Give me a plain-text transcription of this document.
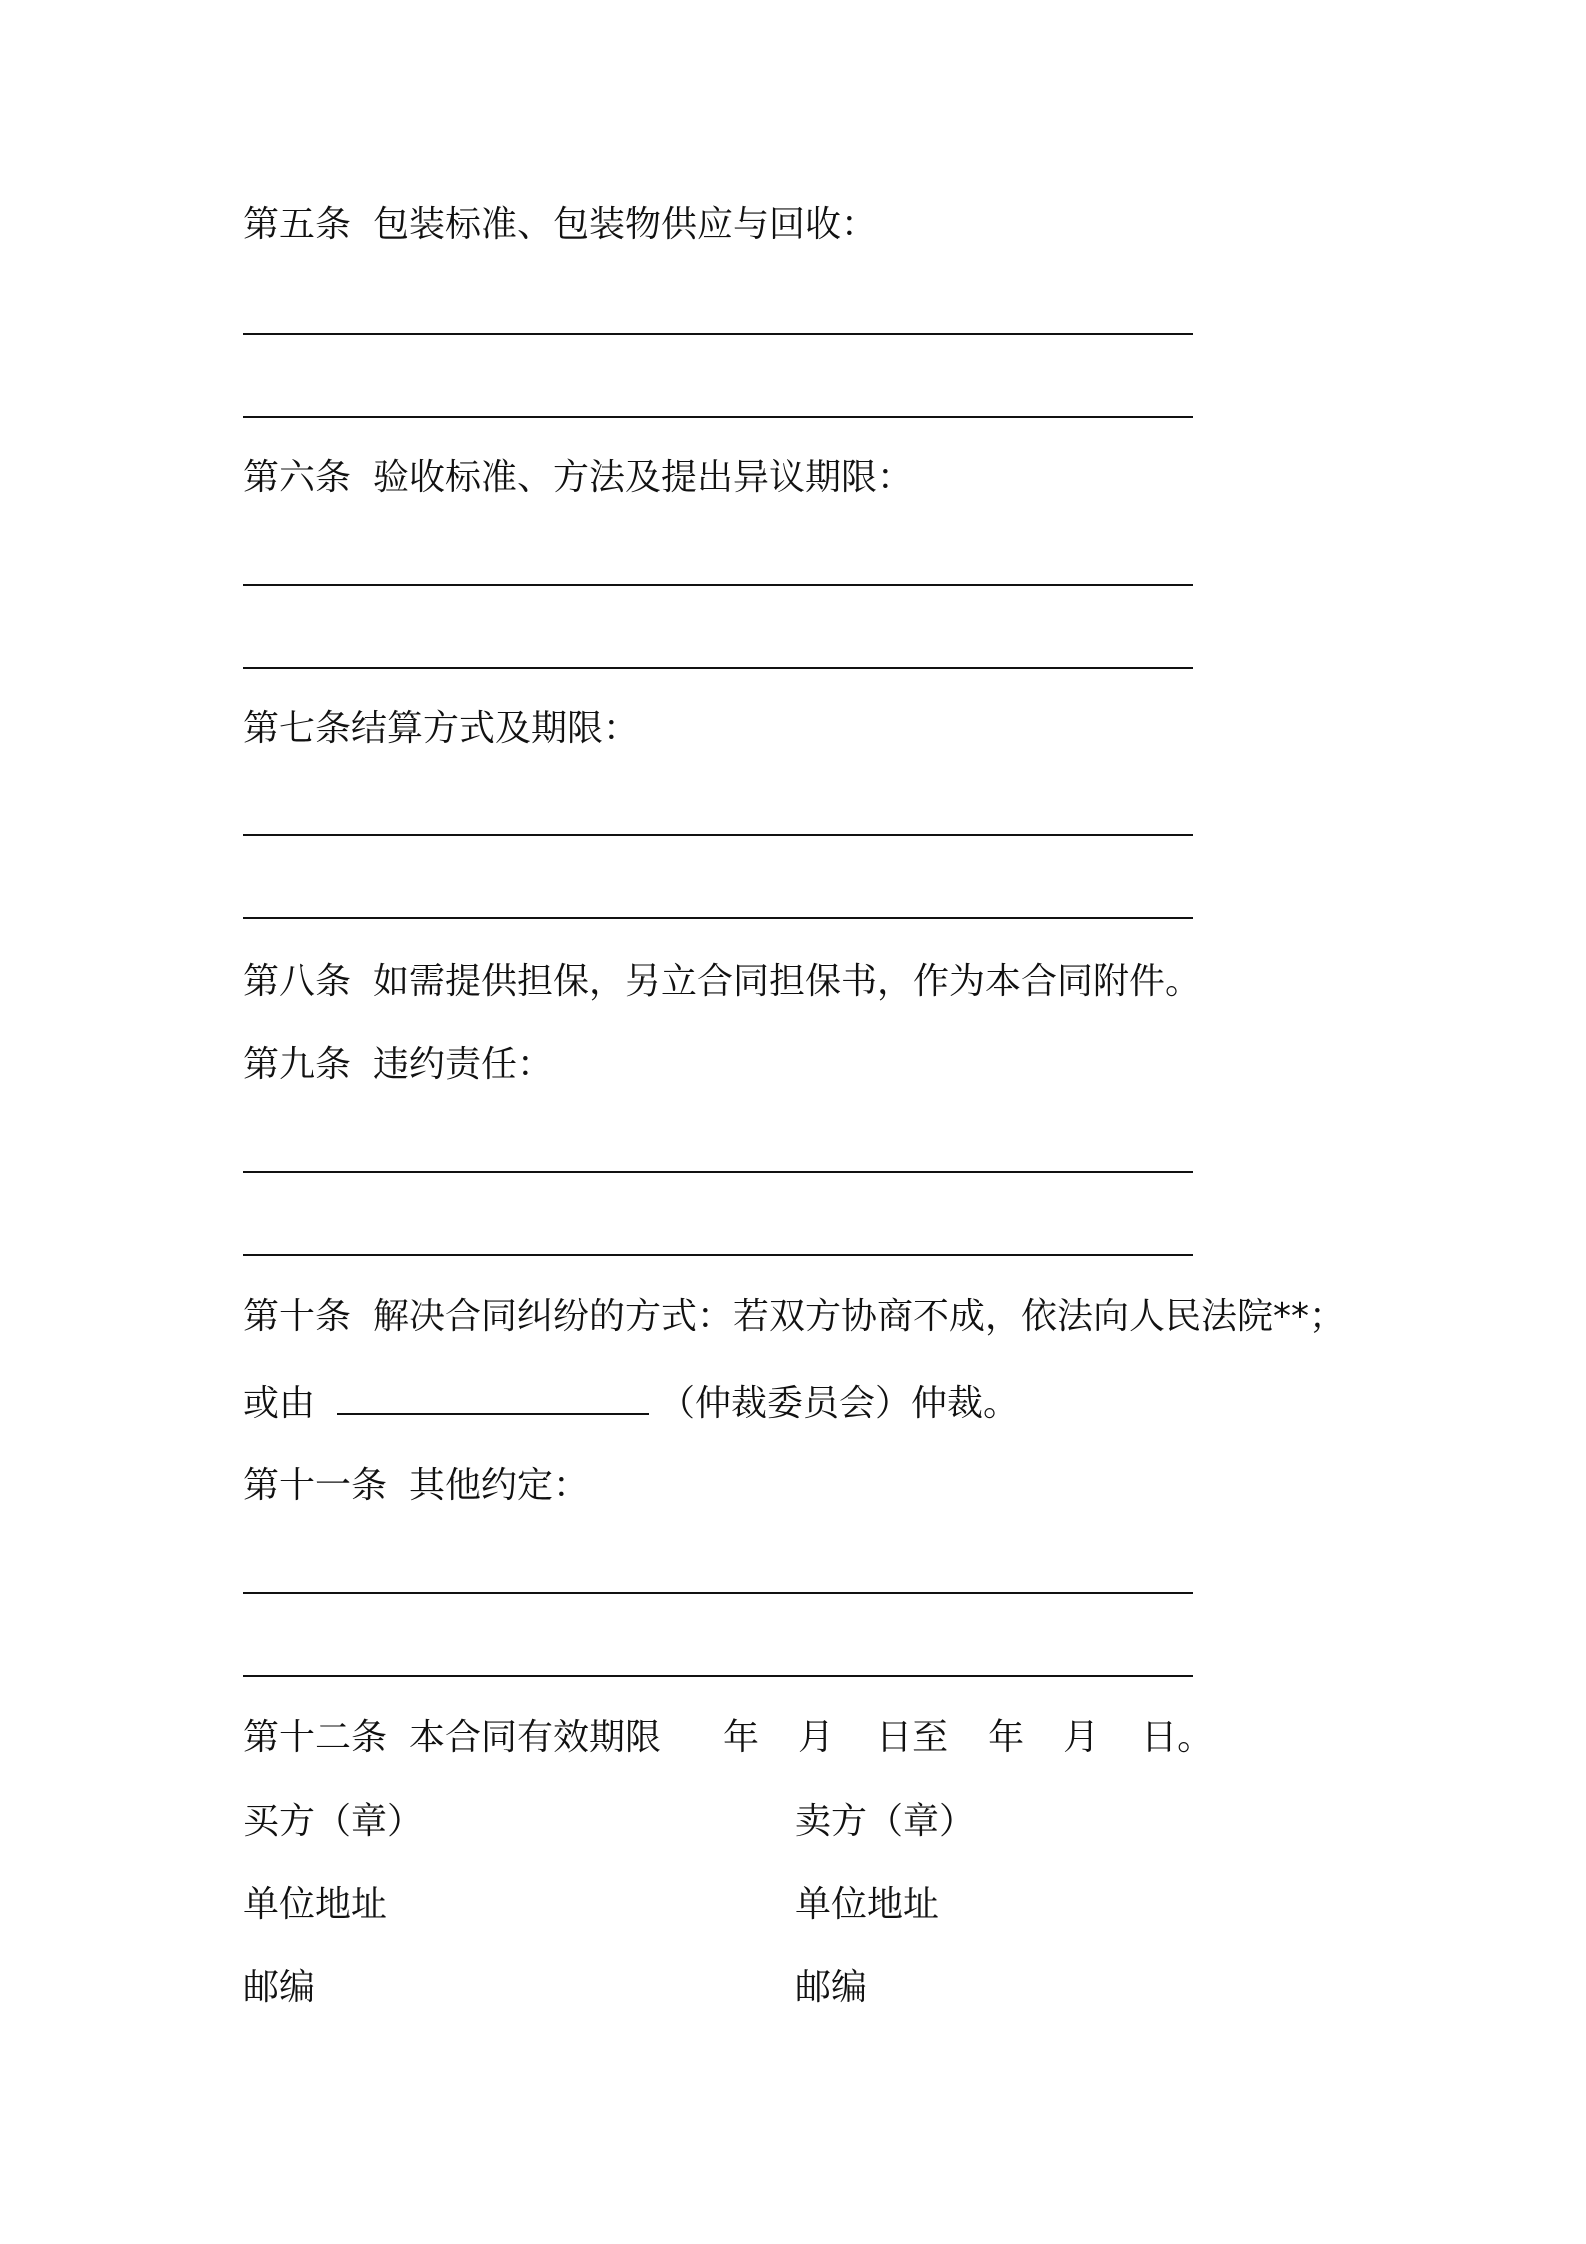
第五条 包装标准、包装物供应与回收：
第六条 验收标准、方法及提出异议期限：
第七条结算方式及期限：
第八条 如需提供担保，另立合同担保书，作为本合同附件。
第九条 违约责任：
第十条 解决合同纠纷的方式：若双方协商不成，依法向人民法院**；
或由	（仲裁委员会）仲裁。
第十一条 其他约定：
第十二条 本合同有效期限 年 月 日至 年 月 日。
买方（章）	卖方（章）
单位地址	单位地址
邮编	邮编
